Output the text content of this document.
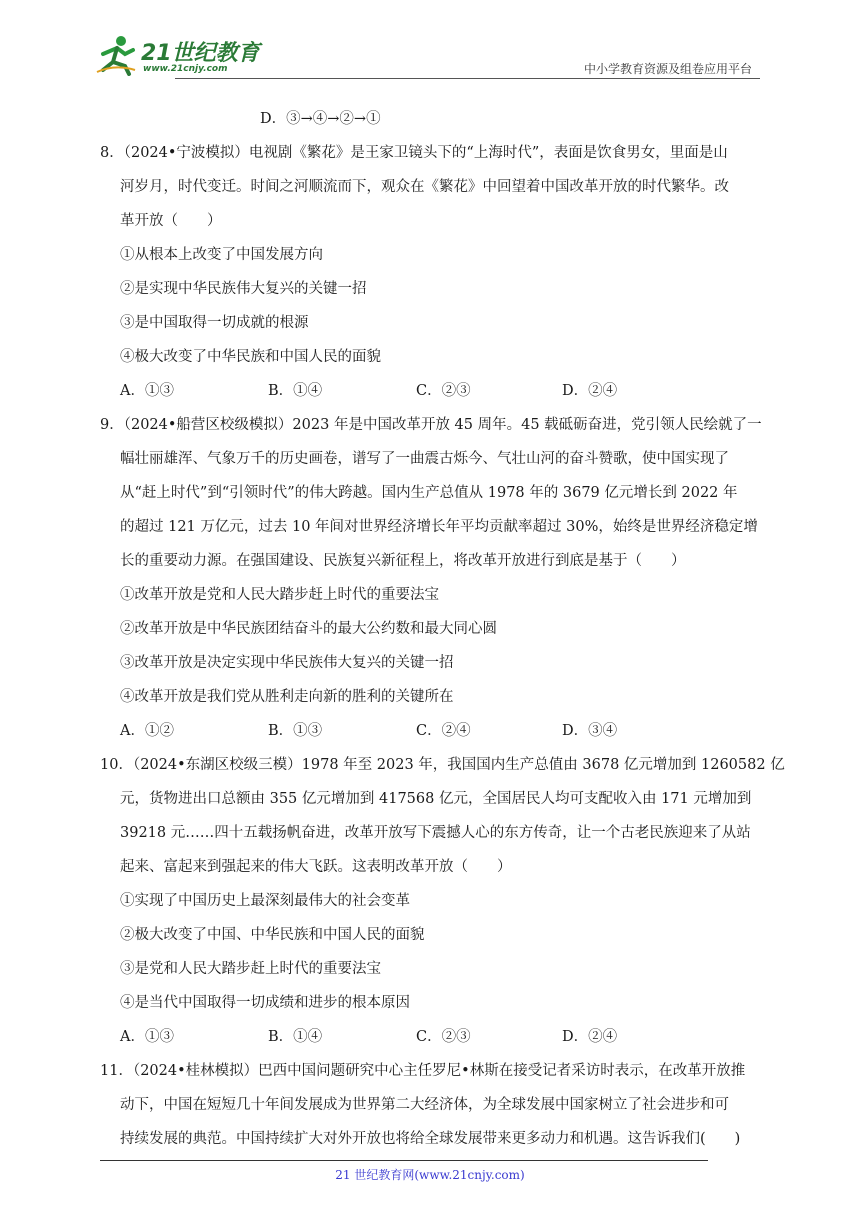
21世纪教育
www.21cnjy.com	中小学教育资源及组卷应用平台
D．③→④→②→①
8．（2024•宁波模拟）电视剧《繁花》是王家卫镜头下的“上海时代”，表面是饮食男女，里面是山
河岁月，时代变迁。时间之河顺流而下，观众在《繁花》中回望着中国改革开放的时代繁华。改
革开放（　　）
①从根本上改变了中国发展方向
②是实现中华民族伟大复兴的关键一招
③是中国取得一切成就的根源
④极大改变了中华民族和中国人民的面貌
A．①③	B．①④	C．②③	D．②④
9．（2024•船营区校级模拟）2023 年是中国改革开放 45 周年。45 载砥砺奋进，党引领人民绘就了一
幅壮丽雄浑、气象万千的历史画卷，谱写了一曲震古烁今、气壮山河的奋斗赞歌，使中国实现了
从“赶上时代”到“引领时代”的伟大跨越。国内生产总值从 1978 年的 3679 亿元增长到 2022 年
的超过 121 万亿元，过去 10 年间对世界经济增长年平均贡献率超过 30%，始终是世界经济稳定增
长的重要动力源。在强国建设、民族复兴新征程上，将改革开放进行到底是基于（　　）
①改革开放是党和人民大踏步赶上时代的重要法宝
②改革开放是中华民族团结奋斗的最大公约数和最大同心圆
③改革开放是决定实现中华民族伟大复兴的关键一招
④改革开放是我们党从胜利走向新的胜利的关键所在
A．①②	B．①③	C．②④	D．③④
10．（2024•东湖区校级三模）1978 年至 2023 年，我国国内生产总值由 3678 亿元增加到 1260582 亿
元，货物进出口总额由 355 亿元增加到 417568 亿元，全国居民人均可支配收入由 171 元增加到
39218 元……四十五载扬帆奋进，改革开放写下震撼人心的东方传奇，让一个古老民族迎来了从站
起来、富起来到强起来的伟大飞跃。这表明改革开放（　　）
①实现了中国历史上最深刻最伟大的社会变革
②极大改变了中国、中华民族和中国人民的面貌
③是党和人民大踏步赶上时代的重要法宝
④是当代中国取得一切成绩和进步的根本原因
A．①③	B．①④	C．②③	D．②④
11．（2024•桂林模拟）巴西中国问题研究中心主任罗尼•林斯在接受记者采访时表示，在改革开放推
动下，中国在短短几十年间发展成为世界第二大经济体，为全球发展中国家树立了社会进步和可
持续发展的典范。中国持续扩大对外开放也将给全球发展带来更多动力和机遇。这告诉我们(　　)
21 世纪教育网(www.21cnjy.com)
